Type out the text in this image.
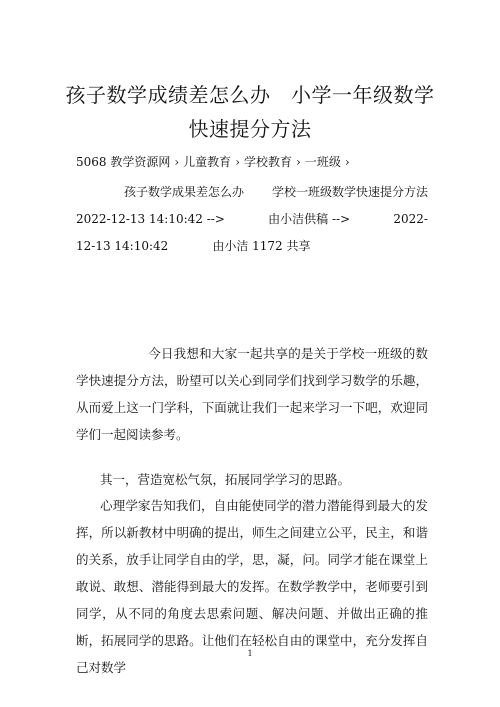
孩子数学成绩差怎么办　小学一年级数学
快速提分方法
5068 教学资源网 › 儿童教育 › 学校教育 › 一班级 ›
孩子数学成果差怎么办 学校一班级数学快速提分方法
2022-12-13 14:10:42 -->	由小洁供稿 -->	2022-
12-13 14:10:42	由小洁 1172 共享
今日我想和大家一起共享的是关于学校一班级的数学快速提分方法，盼望可以关心到同学们找到学习数学的乐趣，从而爱上这一门学科，下面就让我们一起来学习一下吧，欢迎同学们一起阅读参考。
其一，营造宽松气氛，拓展同学学习的思路。
心理学家告知我们，自由能使同学的潜力潜能得到最大的发挥，所以新教材中明确的提出，师生之间建立公平，民主，和谐的关系，放手让同学自由的学，思，凝，问。同学才能在课堂上敢说、敢想、潜能得到最大的发挥。在数学教学中，老师要引到同学，从不同的角度去思索问题、解决问题、并做出正确的推断，拓展同学的思路。让他们在轻松自由的课堂中，充分发挥自己对数学
1
